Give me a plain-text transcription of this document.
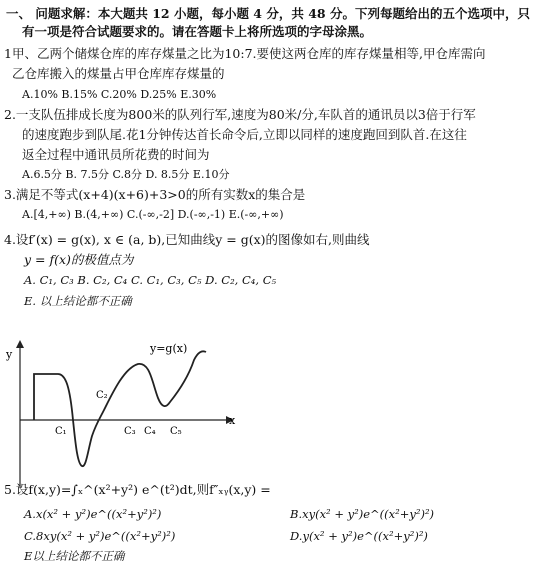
一、 问题求解：本大题共 12 小题，每小题 4 分，共 48 分。下列每题给出的五个选项中，只
有一项是符合试题要求的。请在答题卡上将所选项的字母涂黑。
1甲、乙两个储煤仓库的库存煤量之比为10:7.要使这两仓库的库存煤量相等,甲仓库需向
乙仓库搬入的煤量占甲仓库库存煤量的
A.10% B.15% C.20% D.25% E.30%
2.一支队伍排成长度为800米的队列行军,速度为80米/分,车队首的通讯员以3倍于行军
的速度跑步到队尾.花1分钟传达首长命令后,立即以同样的速度跑回到队首.在这往
返全过程中通讯员所花费的时间为
A.6.5分 B. 7.5分 C.8分 D. 8.5分 E.10分
3.满足不等式(x+4)(x+6)+3>0的所有实数x的集合是
A.[4,+∞) B.(4,+∞) C.(-∞,-2] D.(-∞,-1) E.(-∞,+∞)
4.设f′(x) = g(x), x ∈ (a, b),已知曲线y = g(x)的图像如右,则曲线
y = f(x)的极值点为
A. C₁, C₃ B. C₂, C₄ C. C₁, C₃, C₅ D. C₂, C₄, C₅
E. 以上结论都不正确
y=g(x)
y
x
C₁
C₂
C₃ C₄ C₅
5.设f(x,y)=∫ₓ^(x²+y²) e^(t²)dt,则f″ₓᵧ(x,y) =
A.x(x² + y²)e^((x²+y²)²)	B.xy(x² + y²)e^((x²+y²)²)
C.8xy(x² + y²)e^((x²+y²)²)	D.y(x² + y²)e^((x²+y²)²)
E以上结论都不正确
